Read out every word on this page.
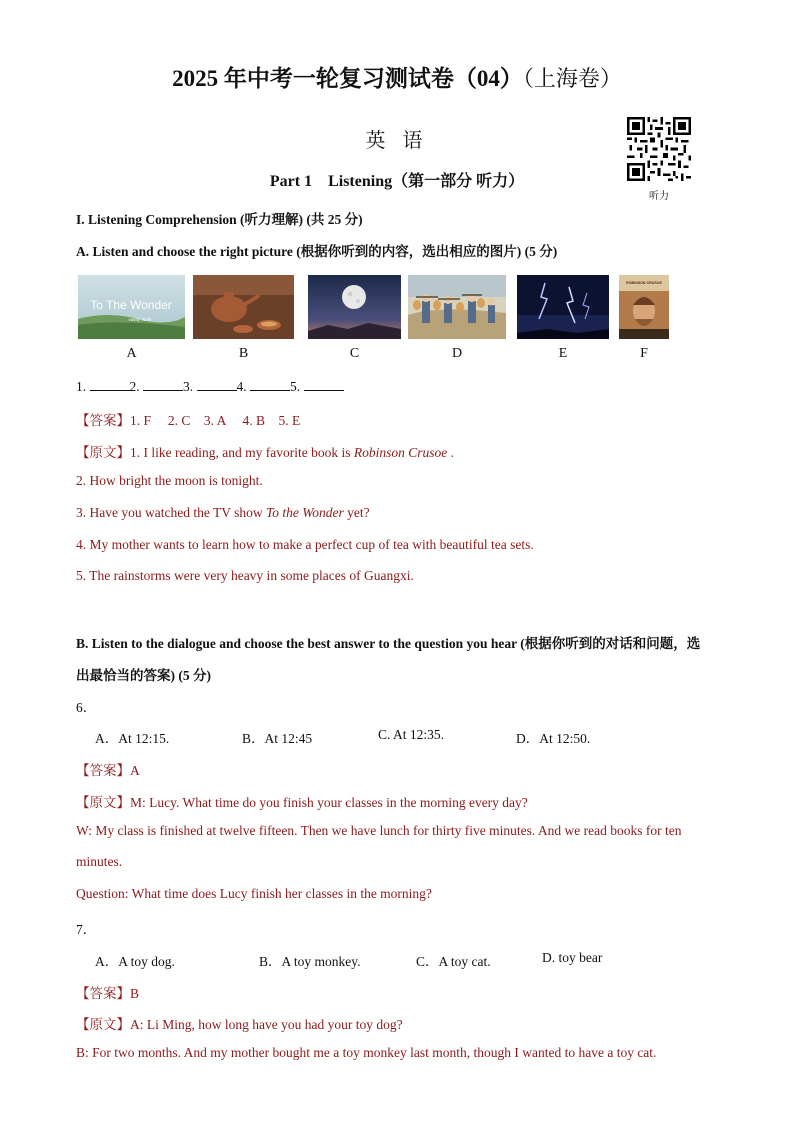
2025 年中考一轮复习测试卷（04）（上海卷）
英 语
Part 1　Listening（第一部分 听力）
听力
I. Listening Comprehension (听力理解) (共 25 分)
A. Listen and choose the right picture (根据你听到的内容，选出相应的图片) (5 分)
To The Wonder
vastly Wide
ROBINSON CRUSOE
A	B	C	D	E	F
1.	2.	3.	4.	5.
【答案】1. F     2. C    3. A     4. B    5. E
【原文】1. I like reading, and my favorite book is Robinson Crusoe .
2. How bright the moon is tonight.
3. Have you watched the TV show To the Wonder yet?
4. My mother wants to learn how to make a perfect cup of tea with beautiful tea sets.
5. The rainstorms were very heavy in some places of Guangxi.
B. Listen to the dialogue and choose the best answer to the question you hear (根据你听到的对话和问题，选
出最恰当的答案) (5 分)
6．
A．At 12:15.	B．At 12:45	C. At 12:35.	D．At 12:50.
【答案】A
【原文】M: Lucy. What time do you finish your classes in the morning every day?
W: My class is finished at twelve fifteen. Then we have lunch for thirty five minutes. And we read books for ten
minutes.
Question: What time does Lucy finish her classes in the morning?
7．
A．A toy dog.	B．A toy monkey.	C．A toy cat.	D. toy bear
【答案】B
【原文】A: Li Ming, how long have you had your toy dog?
B: For two months. And my mother bought me a toy monkey last month, though I wanted to have a toy cat.
